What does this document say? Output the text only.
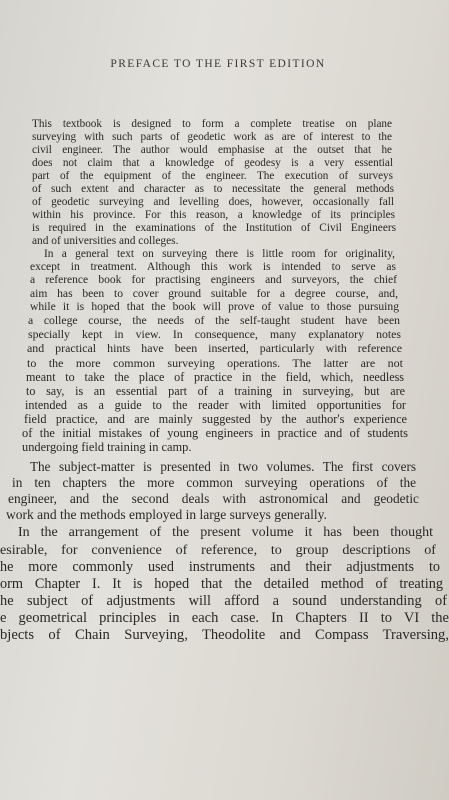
PREFACE TO THE FIRST EDITION
This textbook is designed to form a complete treatise on plane
surveying with such parts of geodetic work as are of interest to the
civil engineer. The author would emphasise at the outset that he
does not claim that a knowledge of geodesy is a very essential
part of the equipment of the engineer. The execution of surveys
of such extent and character as to necessitate the general methods
of geodetic surveying and levelling does, however, occasionally fall
within his province. For this reason, a knowledge of its principles
is required in the examinations of the Institution of Civil Engineers
and of universities and colleges.
In a general text on surveying there is little room for originality,
except in treatment. Although this work is intended to serve as
a reference book for practising engineers and surveyors, the chief
aim has been to cover ground suitable for a degree course, and,
while it is hoped that the book will prove of value to those pursuing
a college course, the needs of the self-taught student have been
specially kept in view. In consequence, many explanatory notes
and practical hints have been inserted, particularly with reference
to the more common surveying operations. The latter are not
meant to take the place of practice in the field, which, needless
to say, is an essential part of a training in surveying, but are
intended as a guide to the reader with limited opportunities for
field practice, and are mainly suggested by the author's experience
of the initial mistakes of young engineers in practice and of students
undergoing field training in camp.
The subject-matter is presented in two volumes. The first covers
in ten chapters the more common surveying operations of the
engineer, and the second deals with astronomical and geodetic
work and the methods employed in large surveys generally.
In the arrangement of the present volume it has been thought
esirable, for convenience of reference, to group descriptions of
he more commonly used instruments and their adjustments to
orm Chapter I. It is hoped that the detailed method of treating
he subject of adjustments will afford a sound understanding of
e geometrical principles in each case. In Chapters II to VI the
bjects of Chain Surveying, Theodolite and Compass Traversing,
